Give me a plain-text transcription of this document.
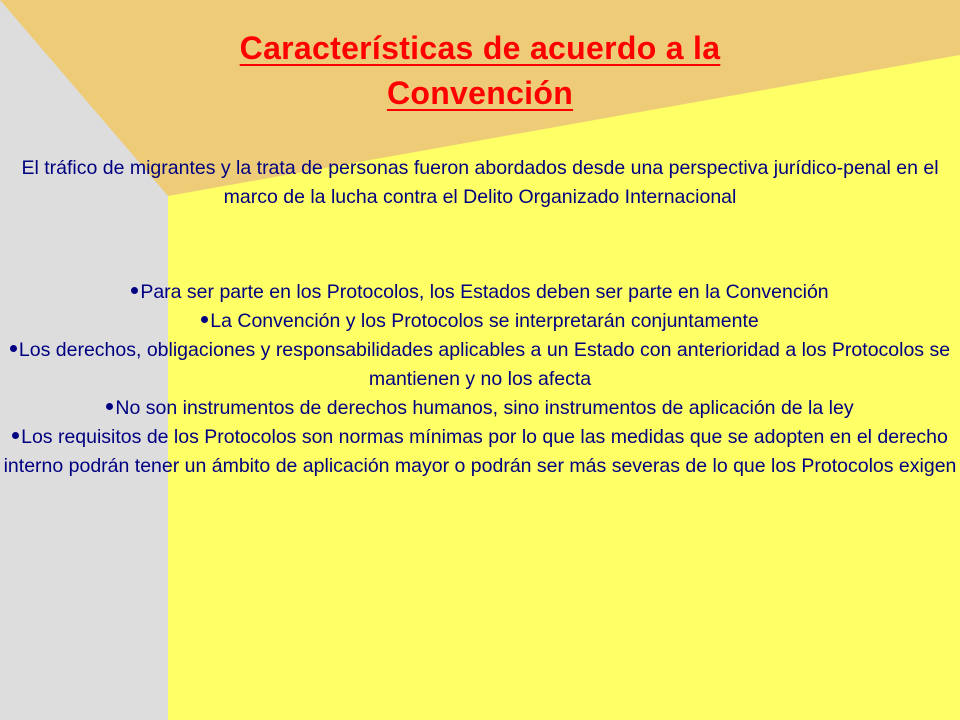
Características de acuerdo a la
Convención

El tráfico de migrantes y la trata de personas fueron abordados desde una perspectiva jurídico-penal en el marco de la lucha contra el Delito Organizado Internacional

Para ser parte en los Protocolos, los Estados deben ser parte en la Convención
La Convención y los Protocolos se interpretarán conjuntamente
Los derechos, obligaciones y responsabilidades aplicables a un Estado con anterioridad a los Protocolos se mantienen y no los afecta
No son instrumentos de derechos humanos, sino instrumentos de aplicación de la ley
Los requisitos de los Protocolos son normas mínimas por lo que las medidas que se adopten en el derecho interno podrán tener un ámbito de aplicación mayor o podrán ser más severas de lo que los Protocolos exigen
